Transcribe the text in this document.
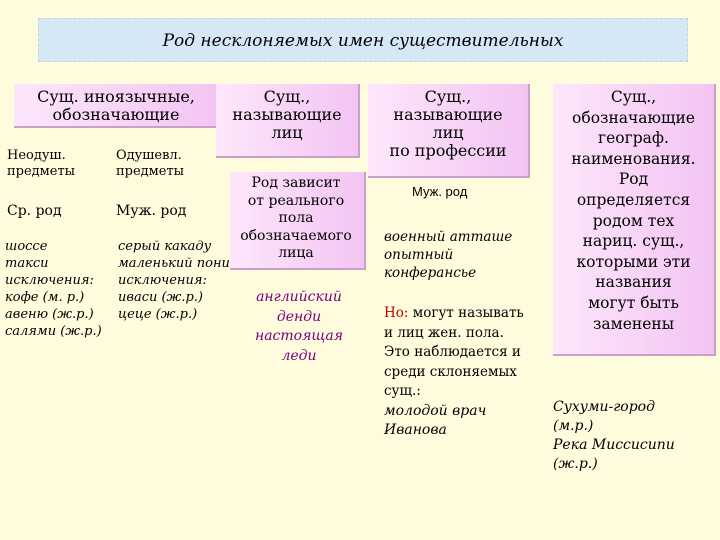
Род несклоняемых имен существительных
Сущ. иноязычные,
обозначающие
Сущ.,
называющие
лиц
Сущ.,
называющие
лиц
по профессии
Сущ.,
обозначающие
географ.
наименования.
Род
определяется
родом тех
нариц. сущ.,
которыми эти
названия
могут быть
заменены
Неодуш.
предметы
Одушевл.
предметы
Ср. род	Муж. род
шоссе
такси
исключения:
кофе (м. р.)
авеню (ж.р.)
салями (ж.р.)
серый какаду
маленький пони
исключения:
иваси (ж.р.)
цеце (ж.р.)
Род зависит
от реального
пола
обозначаемого
лица
английский
денди
настоящая
леди
Муж. род
военный атташе
опытный
конферансье
Но: могут называть
и лиц жен. пола.
Это наблюдается и
среди склоняемых
сущ.:
молодой врач
Иванова
Сухуми-город
(м.р.)
Река Миссисипи
(ж.р.)
